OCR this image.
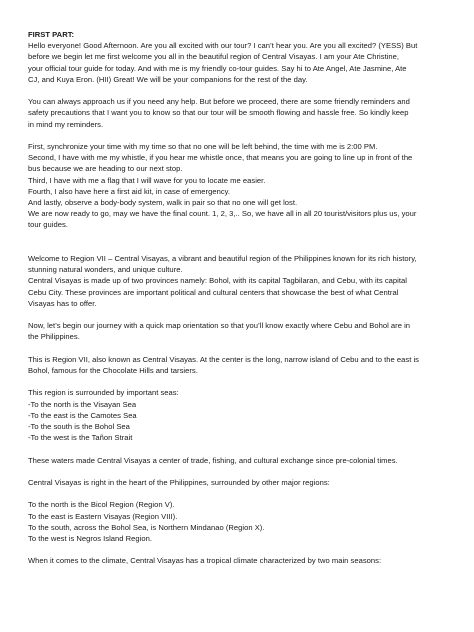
FIRST PART:

Hello everyone! Good Afternoon. Are you all excited with our tour? I can’t hear you. Are you all excited? (YESS) But

before we begin let me first welcome you all in the beautiful region of Central Visayas. I am your Ate Christine,

your official tour guide for today. And with me is my friendly co-tour guides. Say hi to Ate Angel, Ate Jasmine, Ate

CJ, and Kuya Eron. (HII) Great! We will be your companions for the rest of the day.

You can always approach us if you need any help. But before we proceed, there are some friendly reminders and

safety precautions that I want you to know so that our tour will be smooth flowing and hassle free. So kindly keep

in mind my reminders.

First, synchronize your time with my time so that no one will be left behind, the time with me is 2:00 PM.

Second, I have with me my whistle, if you hear me whistle once, that means you are going to line up in front of the

bus because we are heading to our next stop.

Third, I have with me a flag that I will wave for you to locate me easier.

Fourth, I also have here a first aid kit, in case of emergency.

And lastly, observe a body-body system, walk in pair so that no one will get lost.

We are now ready to go, may we have the final count. 1, 2, 3,.. So, we have all in all 20 tourist/visitors plus us, your

tour guides.

Welcome to Region VII – Central Visayas, a vibrant and beautiful region of the Philippines known for its rich history,

stunning natural wonders, and unique culture.

Central Visayas is made up of two provinces namely: Bohol, with its capital Tagbilaran, and Cebu, with its capital

Cebu City. These provinces are important political and cultural centers that showcase the best of what Central

Visayas has to offer.

Now, let’s begin our journey with a quick map orientation so that you’ll know exactly where Cebu and Bohol are in

the Philippines.

This is Region VII, also known as Central Visayas. At the center is the long, narrow island of Cebu and to the east is

Bohol, famous for the Chocolate Hills and tarsiers.

This region is surrounded by important seas:

-To the north is the Visayan Sea

-To the east is the Camotes Sea

-To the south is the Bohol Sea

-To the west is the Tañon Strait

These waters made Central Visayas a center of trade, fishing, and cultural exchange since pre-colonial times.

Central Visayas is right in the heart of the Philippines, surrounded by other major regions:

To the north is the Bicol Region (Region V).

To the east is Eastern Visayas (Region VIII).

To the south, across the Bohol Sea, is Northern Mindanao (Region X).

To the west is Negros Island Region.

When it comes to the climate, Central Visayas has a tropical climate characterized by two main seasons:
